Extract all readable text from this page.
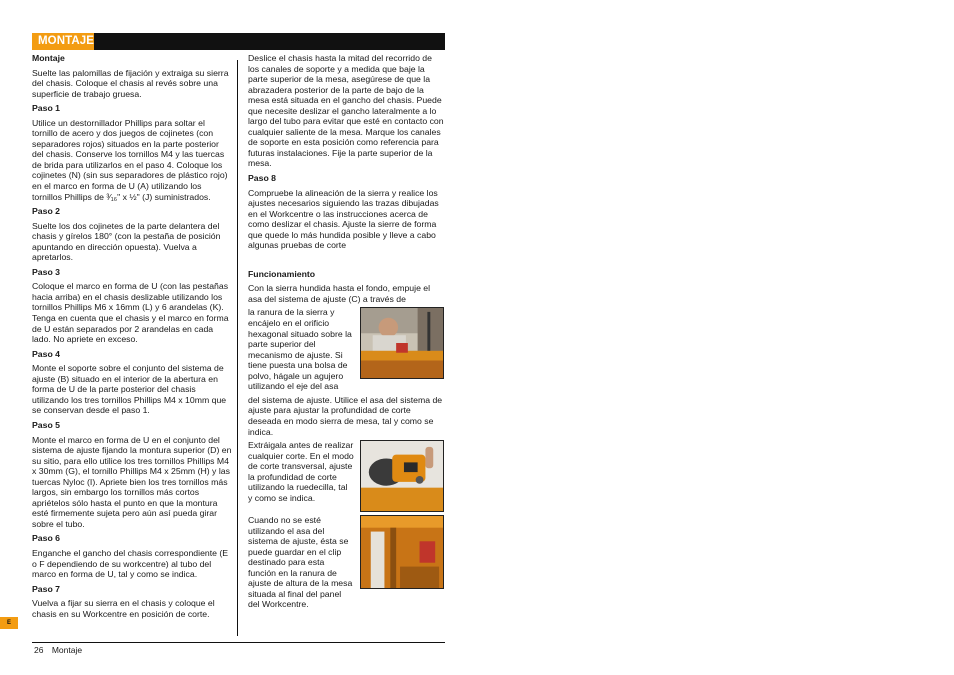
MONTAJE
Montaje
Suelte las palomillas de fijación y extraiga su sierra del chasis. Coloque el chasis al revés sobre una superficie de trabajo gruesa.
Paso 1
Utilice un destornillador Phillips para soltar el tornillo de acero y dos juegos de cojinetes (con separadores rojos) situados en la parte posterior del chasis. Conserve los tornillos M4 y las tuercas de brida para utilizarlos en el paso 4. Coloque los cojinetes (N) (sin sus separadores de plástico rojo) en el marco en forma de U (A) utilizando los tornillos Phillips de ³⁄₁₆" x ½" (J) suministrados.
Paso 2
Suelte los dos cojinetes de la parte delantera del chasis y gírelos 180° (con la pestaña de posición apuntando en dirección opuesta). Vuelva a apretarlos.
Paso 3
Coloque el marco en forma de U (con las pestañas hacia arriba) en el chasis deslizable utilizando los tornillos Phillips M6 x 16mm (L) y 6 arandelas (K). Tenga en cuenta que el chasis y el marco en forma de U están separados por 2 arandelas en cada lado. No apriete en exceso.
Paso 4
Monte el soporte sobre el conjunto del sistema de ajuste (B) situado en el interior de la abertura en forma de U de la parte posterior del chasis utilizando los tres tornillos Phillips M4 x 10mm que se conservan desde el paso 1.
Paso 5
Monte el marco en forma de U en el conjunto del sistema de ajuste fijando la montura superior (D) en su sitio, para ello utilice los tres tornillos Phillips M4 x 30mm (G), el tornillo Phillips M4 x 25mm (H) y las tuercas Nyloc (I). Apriete bien los tres tornillos más largos, sin embargo los tornillos más cortos apriételos sólo hasta el punto en que la montura esté firmemente sujeta pero aún así pueda girar sobre el tubo.
Paso 6
Enganche el gancho del chasis correspondiente (E o F dependiendo de su workcentre) al tubo del marco en forma de U, tal y como se indica.
Paso 7
Vuelva a fijar su sierra en el chasis y coloque el chasis en su Workcentre en posición de corte.
Deslice el chasis hasta la mitad del recorrido de los canales de soporte y a medida que baje la parte superior de la mesa, asegúrese de que la abrazadera posterior de la parte de bajo de la mesa está situada en el gancho del chasis. Puede que necesite deslizar el gancho lateralmente a lo largo del tubo para evitar que esté en contacto con cualquier saliente de la mesa. Marque los canales de soporte en esta posición como referencia para futuras instalaciones. Fije la parte superior de la mesa.
Paso 8
Compruebe la alineación de la sierra y realice los ajustes necesarios siguiendo las trazas dibujadas en el Workcentre o las instrucciones acerca de como deslizar el chasis. Ajuste la sierre de forma que quede lo más hundida posible y lleve a cabo algunas pruebas de corte
Funcionamiento
Con la sierra hundida hasta el fondo, empuje el asa del sistema de ajuste (C) a través de
la ranura de la sierra y encájelo en el orificio hexagonal situado sobre la parte superior del mecanismo de ajuste. Si tiene puesta una bolsa de polvo, hágale un agujero utilizando el eje del asa
del sistema de ajuste. Utilice el asa del sistema de ajuste para ajustar la profundidad de corte deseada en modo sierra de mesa, tal y como se indica.
Extráigala antes de realizar cualquier corte. En el modo de corte transversal, ajuste la profundidad de corte utilizando la ruedecilla, tal y como se indica.
Cuando no se esté utilizando el asa del sistema de ajuste, ésta se puede guardar en el clip destinado para esta función en la ranura de ajuste de altura de la mesa situada al final del panel del Workcentre.
E
26 Montaje
